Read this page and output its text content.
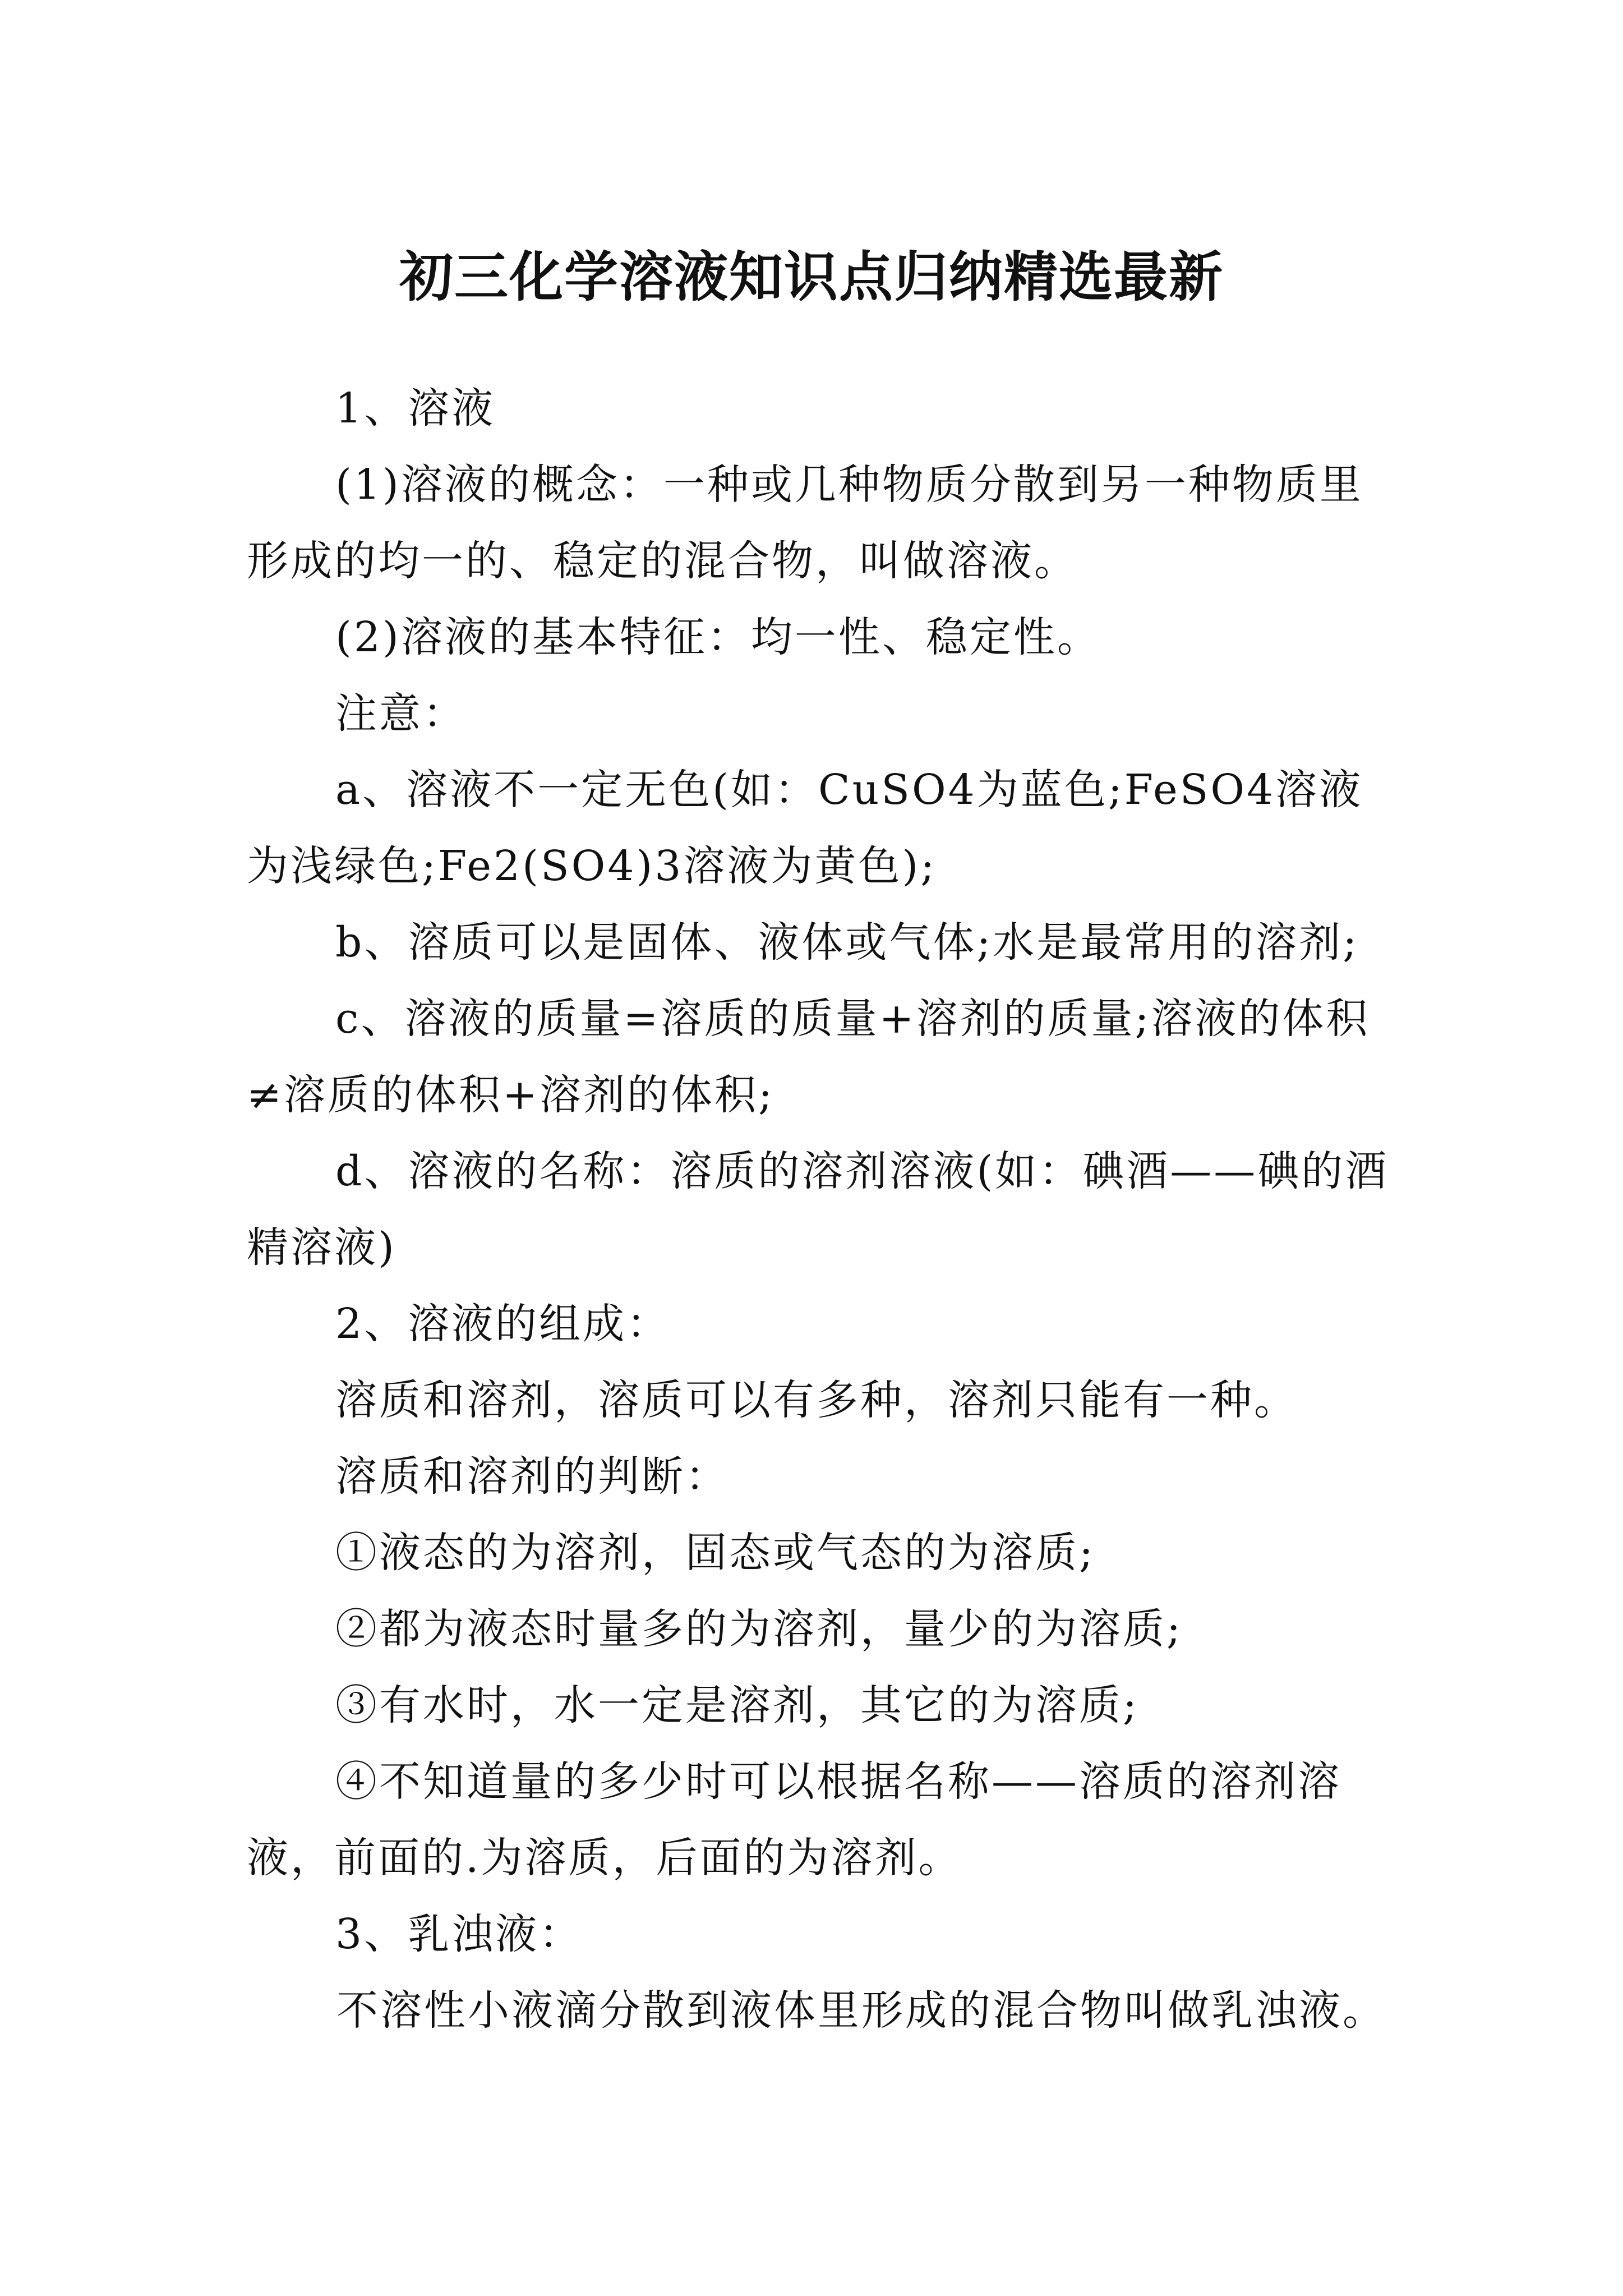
初三化学溶液知识点归纳精选最新

1、溶液

(1)溶液的概念：一种或几种物质分散到另一种物质里形成的均一的、稳定的混合物，叫做溶液。

(2)溶液的基本特征：均一性、稳定性。

注意：

a、溶液不一定无色(如：CuSO4为蓝色;FeSO4溶液为浅绿色;Fe2(SO4)3溶液为黄色);

b、溶质可以是固体、液体或气体;水是最常用的溶剂;

c、溶液的质量=溶质的质量+溶剂的质量;溶液的体积≠溶质的体积+溶剂的体积;

d、溶液的名称：溶质的溶剂溶液(如：碘酒——碘的酒精溶液)

2、溶液的组成：

溶质和溶剂，溶质可以有多种，溶剂只能有一种。

溶质和溶剂的判断：

①液态的为溶剂，固态或气态的为溶质;

②都为液态时量多的为溶剂，量少的为溶质;

③有水时，水一定是溶剂，其它的为溶质;

④不知道量的多少时可以根据名称——溶质的溶剂溶液，前面的.为溶质，后面的为溶剂。

3、乳浊液：

不溶性小液滴分散到液体里形成的混合物叫做乳浊液。
